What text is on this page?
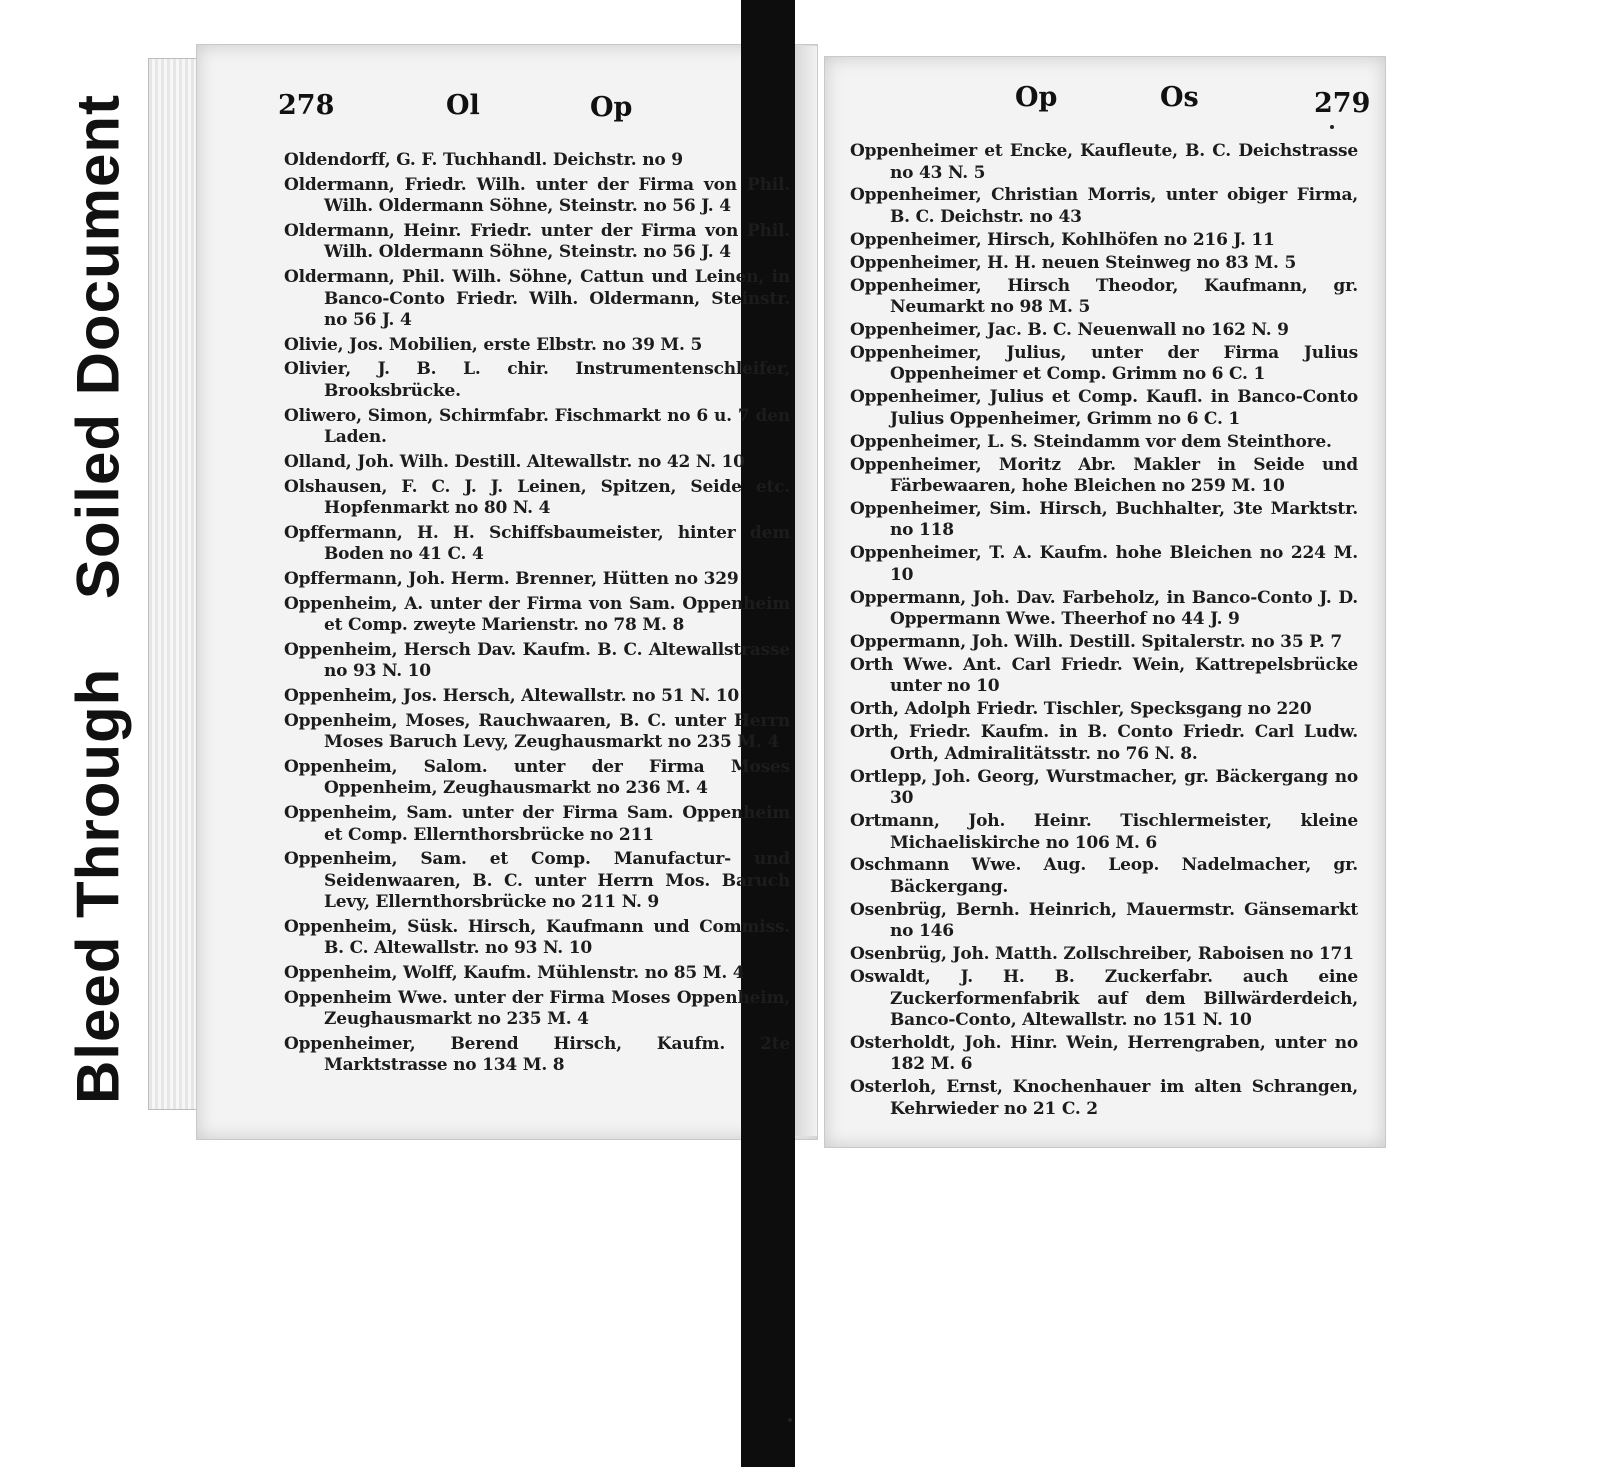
Bleed Through
Soiled Document	278	Ol	Op	Op	Os	279
Oldendorff, G. F. Tuchhandl. Deichstr. no 9
Oldermann, Friedr. Wilh. unter der Firma von Phil. Wilh. Oldermann Söhne, Steinstr. no 56 J. 4
Oldermann, Heinr. Friedr. unter der Firma von Phil. Wilh. Oldermann Söhne, Steinstr. no 56 J. 4
Oldermann, Phil. Wilh. Söhne, Cattun und Leinen, in Banco-Conto Friedr. Wilh. Oldermann, Steinstr. no 56 J. 4
Olivie, Jos. Mobilien, erste Elbstr. no 39 M. 5
Olivier, J. B. L. chir. Instrumentenschleifer, Brooksbrücke.
Oliwero, Simon, Schirmfabr. Fischmarkt no 6 u. 7 den Laden.
Olland, Joh. Wilh. Destill. Altewallstr. no 42 N. 10
Olshausen, F. C. J. J. Leinen, Spitzen, Seide etc. Hopfenmarkt no 80 N. 4
Opffermann, H. H. Schiffsbaumeister, hinter dem Boden no 41 C. 4
Opffermann, Joh. Herm. Brenner, Hütten no 329
Oppenheim, A. unter der Firma von Sam. Oppenheim et Comp. zweyte Marienstr. no 78 M. 8
Oppenheim, Hersch Dav. Kaufm. B. C. Altewallstrasse no 93 N. 10
Oppenheim, Jos. Hersch, Altewallstr. no 51 N. 10
Oppenheim, Moses, Rauchwaaren, B. C. unter Herrn Moses Baruch Levy, Zeughausmarkt no 235 M. 4
Oppenheim, Salom. unter der Firma Moses Oppenheim, Zeughausmarkt no 236 M. 4
Oppenheim, Sam. unter der Firma Sam. Oppenheim et Comp. Ellernthorsbrücke no 211
Oppenheim, Sam. et Comp. Manufactur- und Seidenwaaren, B. C. unter Herrn Mos. Baruch Levy, Ellernthorsbrücke no 211 N. 9
Oppenheim, Süsk. Hirsch, Kaufmann und Commiss. B. C. Altewallstr. no 93 N. 10
Oppenheim, Wolff, Kaufm. Mühlenstr. no 85 M. 4
Oppenheim Wwe. unter der Firma Moses Oppenheim, Zeughausmarkt no 235 M. 4
Oppenheimer, Berend Hirsch, Kaufm. 2te Marktstrasse no 134 M. 8
Oppenheimer et Encke, Kaufleute, B. C. Deichstrasse no 43 N. 5
Oppenheimer, Christian Morris, unter obiger Firma, B. C. Deichstr. no 43
Oppenheimer, Hirsch, Kohlhöfen no 216 J. 11
Oppenheimer, H. H. neuen Steinweg no 83 M. 5
Oppenheimer, Hirsch Theodor, Kaufmann, gr. Neumarkt no 98 M. 5
Oppenheimer, Jac. B. C. Neuenwall no 162 N. 9
Oppenheimer, Julius, unter der Firma Julius Oppenheimer et Comp. Grimm no 6 C. 1
Oppenheimer, Julius et Comp. Kaufl. in Banco-Conto Julius Oppenheimer, Grimm no 6 C. 1
Oppenheimer, L. S. Steindamm vor dem Steinthore.
Oppenheimer, Moritz Abr. Makler in Seide und Färbewaaren, hohe Bleichen no 259 M. 10
Oppenheimer, Sim. Hirsch, Buchhalter, 3te Marktstr. no 118
Oppenheimer, T. A. Kaufm. hohe Bleichen no 224 M. 10
Oppermann, Joh. Dav. Farbeholz, in Banco-Conto J. D. Oppermann Wwe. Theerhof no 44 J. 9
Oppermann, Joh. Wilh. Destill. Spitalerstr. no 35 P. 7
Orth Wwe. Ant. Carl Friedr. Wein, Kattrepelsbrücke unter no 10
Orth, Adolph Friedr. Tischler, Specksgang no 220
Orth, Friedr. Kaufm. in B. Conto Friedr. Carl Ludw. Orth, Admiralitätsstr. no 76 N. 8.
Ortlepp, Joh. Georg, Wurstmacher, gr. Bäckergang no 30
Ortmann, Joh. Heinr. Tischlermeister, kleine Michaeliskirche no 106 M. 6
Oschmann Wwe. Aug. Leop. Nadelmacher, gr. Bäckergang.
Osenbrüg, Bernh. Heinrich, Mauermstr. Gänsemarkt no 146
Osenbrüg, Joh. Matth. Zollschreiber, Raboisen no 171
Oswaldt, J. H. B. Zuckerfabr. auch eine Zuckerformenfabrik auf dem Billwärderdeich, Banco-Conto, Altewallstr. no 151 N. 10
Osterholdt, Joh. Hinr. Wein, Herrengraben, unter no 182 M. 6
Osterloh, Ernst, Knochenhauer im alten Schrangen, Kehrwieder no 21 C. 2
